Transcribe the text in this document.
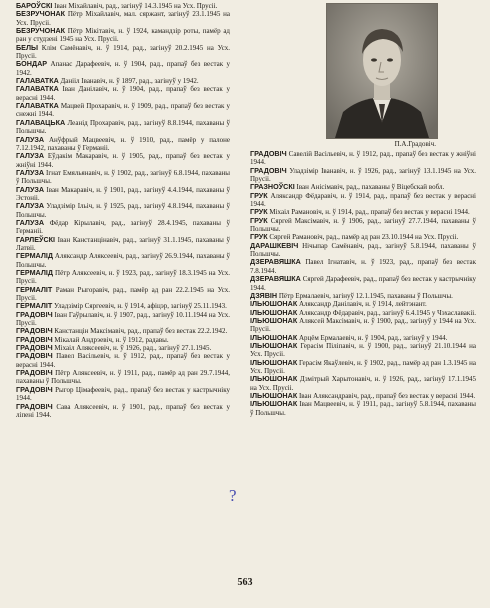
БАРОЎСКІ Іван Міхайлавіч, рад., загінуў 14.3.1945 на Усх. Прусіі.

БЕЗРУЧОНАК Пётр Міхайлавіч, мал. сяржант, загінуў 23.1.1945 на Усх. Прусіі.

БЕЗРУЧОНАК Пётр Мікітавіч, н. ў 1924, камандзір роты, памёр ад ран у студзені 1945 на Усх. Прусіі.

БЕЛЫ Клім Самёнавіч, н. ў 1914, рад., загінуў 20.2.1945 на Усх. Прусіі.

БОНДАР Апанас Дарафеевіч, н. ў 1904, рад., прапаў без вестак у 1942.

ГАЛАВАТКА Данііл Іванавіч, н. ў 1897, рад., загінуў у 1942.

ГАЛАВАТКА Іван Данілавіч, н. ў 1904, рад., прапаў без вестак у верасні 1944.

ГАЛАВАТКА Мацвей Прохаравіч, н. ў 1909, рад., прапаў без вестак у снежні 1944.

ГАЛАВАЦЬКА Леанід Прохаравіч, рад., загінуў 8.8.1944, пахаваны ў Польшчы.

ГАЛУЗА Анўфрый Мацвеевіч, н. ў 1910, рад., памёр у палоне 7.12.1942, пахаваны ў Германіі.

ГАЛУЗА Еўдакім Макаравіч, н. ў 1905, рад., прапаў без вестак у жніўні 1944.

ГАЛУЗА Ігнат Емяльянавіч, н. ў 1902, рад., загінуў 6.8.1944, пахаваны ў Польшчы.

ГАЛУЗА Іван Макаравіч, н. ў 1901, рад., загінуў 4.4.1944, пахаваны ў Эстоніі.

ГАЛУЗА Уладзімір Ільіч, н. ў 1925, рад., загінуў 4.8.1944, пахаваны ў Польшчы.

ГАЛУЗА Фёдар Кірылавіч, рад., загінуў 28.4.1945, пахаваны ў Германіі.

ГАРЛЕЎСКІ Іван Канстанцінавіч, рад., загінуў 31.1.1945, пахаваны ў Латвіі.

ГЕРМАЛІД Аляксандр Аляксеевіч, рад., загінуў 26.9.1944, пахаваны ў Польшчы.

ГЕРМАЛІД Пётр Аляксеевіч, н. ў 1923, рад., загінуў 18.3.1945 на Усх. Прусіі.

ГЕРМАЛІТ Раман Рыгоравіч, рад., памёр ад ран 22.2.1945 на Усх. Прусіі.

ГЕРМАЛІТ Уладзімір Сяргеевіч, н. ў 1914, афіцэр, загінуў 25.11.1943.

ГРАДОВІЧ Іван Гаўрылавіч, н. ў 1907, рад., загінуў 10.11.1944 на Усх. Прусіі.

ГРАДОВІЧ Канстанцін Максімавіч, рад., прапаў без вестак 22.2.1942.

ГРАДОВІЧ Мікалай Андрэевіч, н. ў 1912, радавы.

ГРАДОВІЧ Міхаіл Аляксеевіч, н. ў 1926, рад., загінуў 27.1.1945.

ГРАДОВІЧ Павел Васільевіч, н. ў 1912, рад., прапаў без вестак у верасні 1944.

ГРАДОВІЧ Пётр Аляксеевіч, н. ў 1911, рад., памёр ад ран 29.7.1944, пахаваны ў Польшчы.

ГРАДОВІЧ Рыгор Цімафеевіч, рад., прапаў без вестак у кастрычніку 1944.

ГРАДОВІЧ Сава Аляксеевіч, н. ў 1901, рад., прапаў без вестак у ліпені 1944.

П.А.Градовіч.

ГРАДОВІЧ Савелій Васільевіч, н. ў 1912, рад., прапаў без вестак у жніўні 1944.

ГРАДОВІЧ Уладзімір Іванавіч, н. ў 1926, рад., загінуў 13.1.1945 на Усх. Прусіі.

ГРАЗНОЎСКІ Іван Анісімавіч, рад., пахаваны ў Віцебскай вобл.

ГРУК Аляксандр Фёдаравіч, н. ў 1914, рад., прапаў без вестак у верасні 1944.

ГРУК Міхаіл Рамановіч, н. ў 1914, рад., прапаў без вестак у верасні 1944.

ГРУК Сяргей Максімавіч, н. ў 1906, рад., загінуў 27.7.1944, пахаваны ў Польшчы.

ГРУК Сяргей Рамановіч, рад., памёр ад ран 23.10.1944 на Усх. Прусіі.

ДАРАШКЕВІЧ Нічыпар Самёнавіч, рад., загінуў 5.8.1944, пахаваны ў Польшчы.

ДЗЕРАВЯШКА Павел Ігнатавіч, н. ў 1923, рад., прапаў без вестак 7.8.1944.

ДЗЕРАВЯШКА Сяргей Дарафеевіч, рад., прапаў без вестак у кастрычніку 1944.

ДЗЯВІН Пётр Ермалаевіч, загінуў 12.1.1945, пахаваны ў Польшчы.

ІЛЬЮШОНАК Аляксандр Данілавіч, н. ў 1914, лейтэнант.

ІЛЬЮШОНАК Аляксандр Фёдаравіч, рад., загінуў 6.4.1945 у Чэхаславакіі.

ІЛЬЮШОНАК Аляксей Максімавіч, н. ў 1900, рад., загінуў у 1944 на Усх. Прусіі.

ІЛЬЮШОНАК Арцём Ермалаевіч, н. ў 1904, рад., загінуў у 1944.

ІЛЬЮШОНАК Герасім Піліпавіч, н. ў 1900, рад., загінуў 21.10.1944 на Усх. Прусіі.

ІЛЬЮШОНАК Герасім Якаўлевіч, н. ў 1902, рад., памёр ад ран 1.3.1945 на Усх. Прусіі.

ІЛЬЮШОНАК Дзмітрый Харытонавіч, н. ў 1926, рад., загінуў 17.1.1945 на Усх. Прусіі.

ІЛЬЮШОНАК Іван Аляксандравіч, рад., прапаў без вестак у верасні 1944.

ІЛЬЮШОНАК Іван Мацвеевіч, н. ў 1911, рад., загінуў 5.8.1944, пахаваны ў Польшчы.

?
563
